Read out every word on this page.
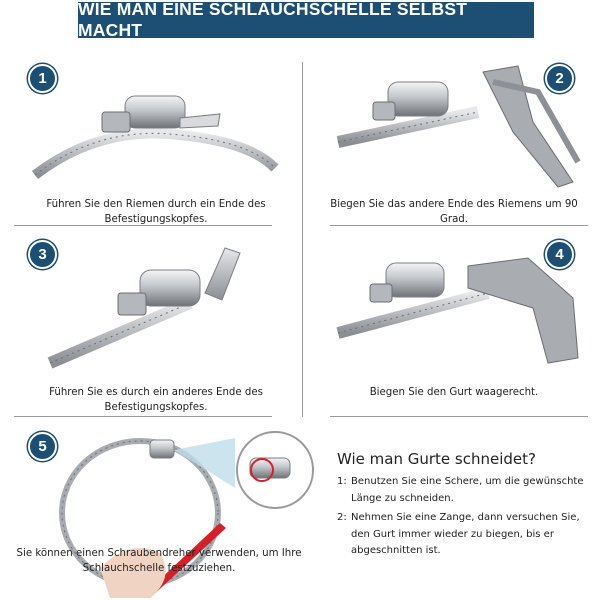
WIE MAN EINE SCHLAUCHSCHELLE SELBST MACHT
1	2
3	4
5
Führen Sie den Riemen durch ein Ende des Befestigungskopfes.
Biegen Sie das andere Ende des Riemens um 90 Grad.
Führen Sie es durch ein anderes Ende des Befestigungskopfes.
Biegen Sie den Gurt waagerecht.
Sie können einen Schraubendreher verwenden, um Ihre Schlauchschelle festzuziehen.
Wie man Gurte schneidet?
1: Benutzen Sie eine Schere, um die gewünschte Länge zu schneiden.
2: Nehmen Sie eine Zange, dann versuchen Sie, den Gurt immer wieder zu biegen, bis er abgeschnitten ist.
